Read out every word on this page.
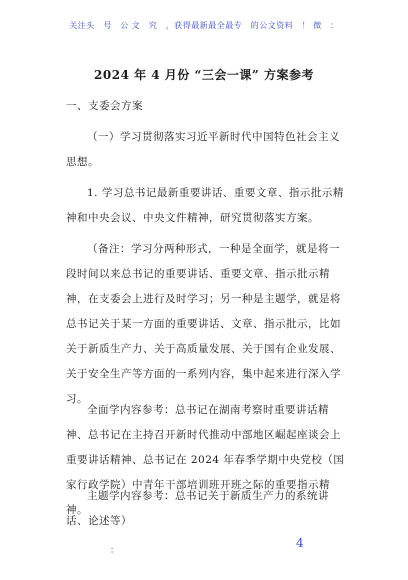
关注头　号　公 文　究　，获得最新最全最专　的公文资料　！ 微　：
2024 年 4 月份 “三会一课” 方案参考

一、支委会方案

（一）学习贯彻落实习近平新时代中国特色社会主义思想。

1. 学习总书记最新重要讲话、重要文章、指示批示精神和中央会议、中央文件精神，研究贯彻落实方案。

（备注：学习分两种形式，一种是全面学，就是将一段时间以来总书记的重要讲话、重要文章、指示批示精神，在支委会上进行及时学习；另一种是主题学，就是将总书记关于某一方面的重要讲话、文章、指示批示，比如关于新质生产力、关于高质量发展、关于国有企业发展、关于安全生产等方面的一系列内容，集中起来进行深入学习。

全面学内容参考：总书记在湖南考察时重要讲话精神、总书记在主持召开新时代推动中部地区崛起座谈会上重要讲话精神、总书记在 2024 年春季学期中央党校（国家行政学院）中青年干部培训班开班之际的重要指示精神。

主题学内容参考：总书记关于新质生产力的系统讲话、论述等）

：
4
